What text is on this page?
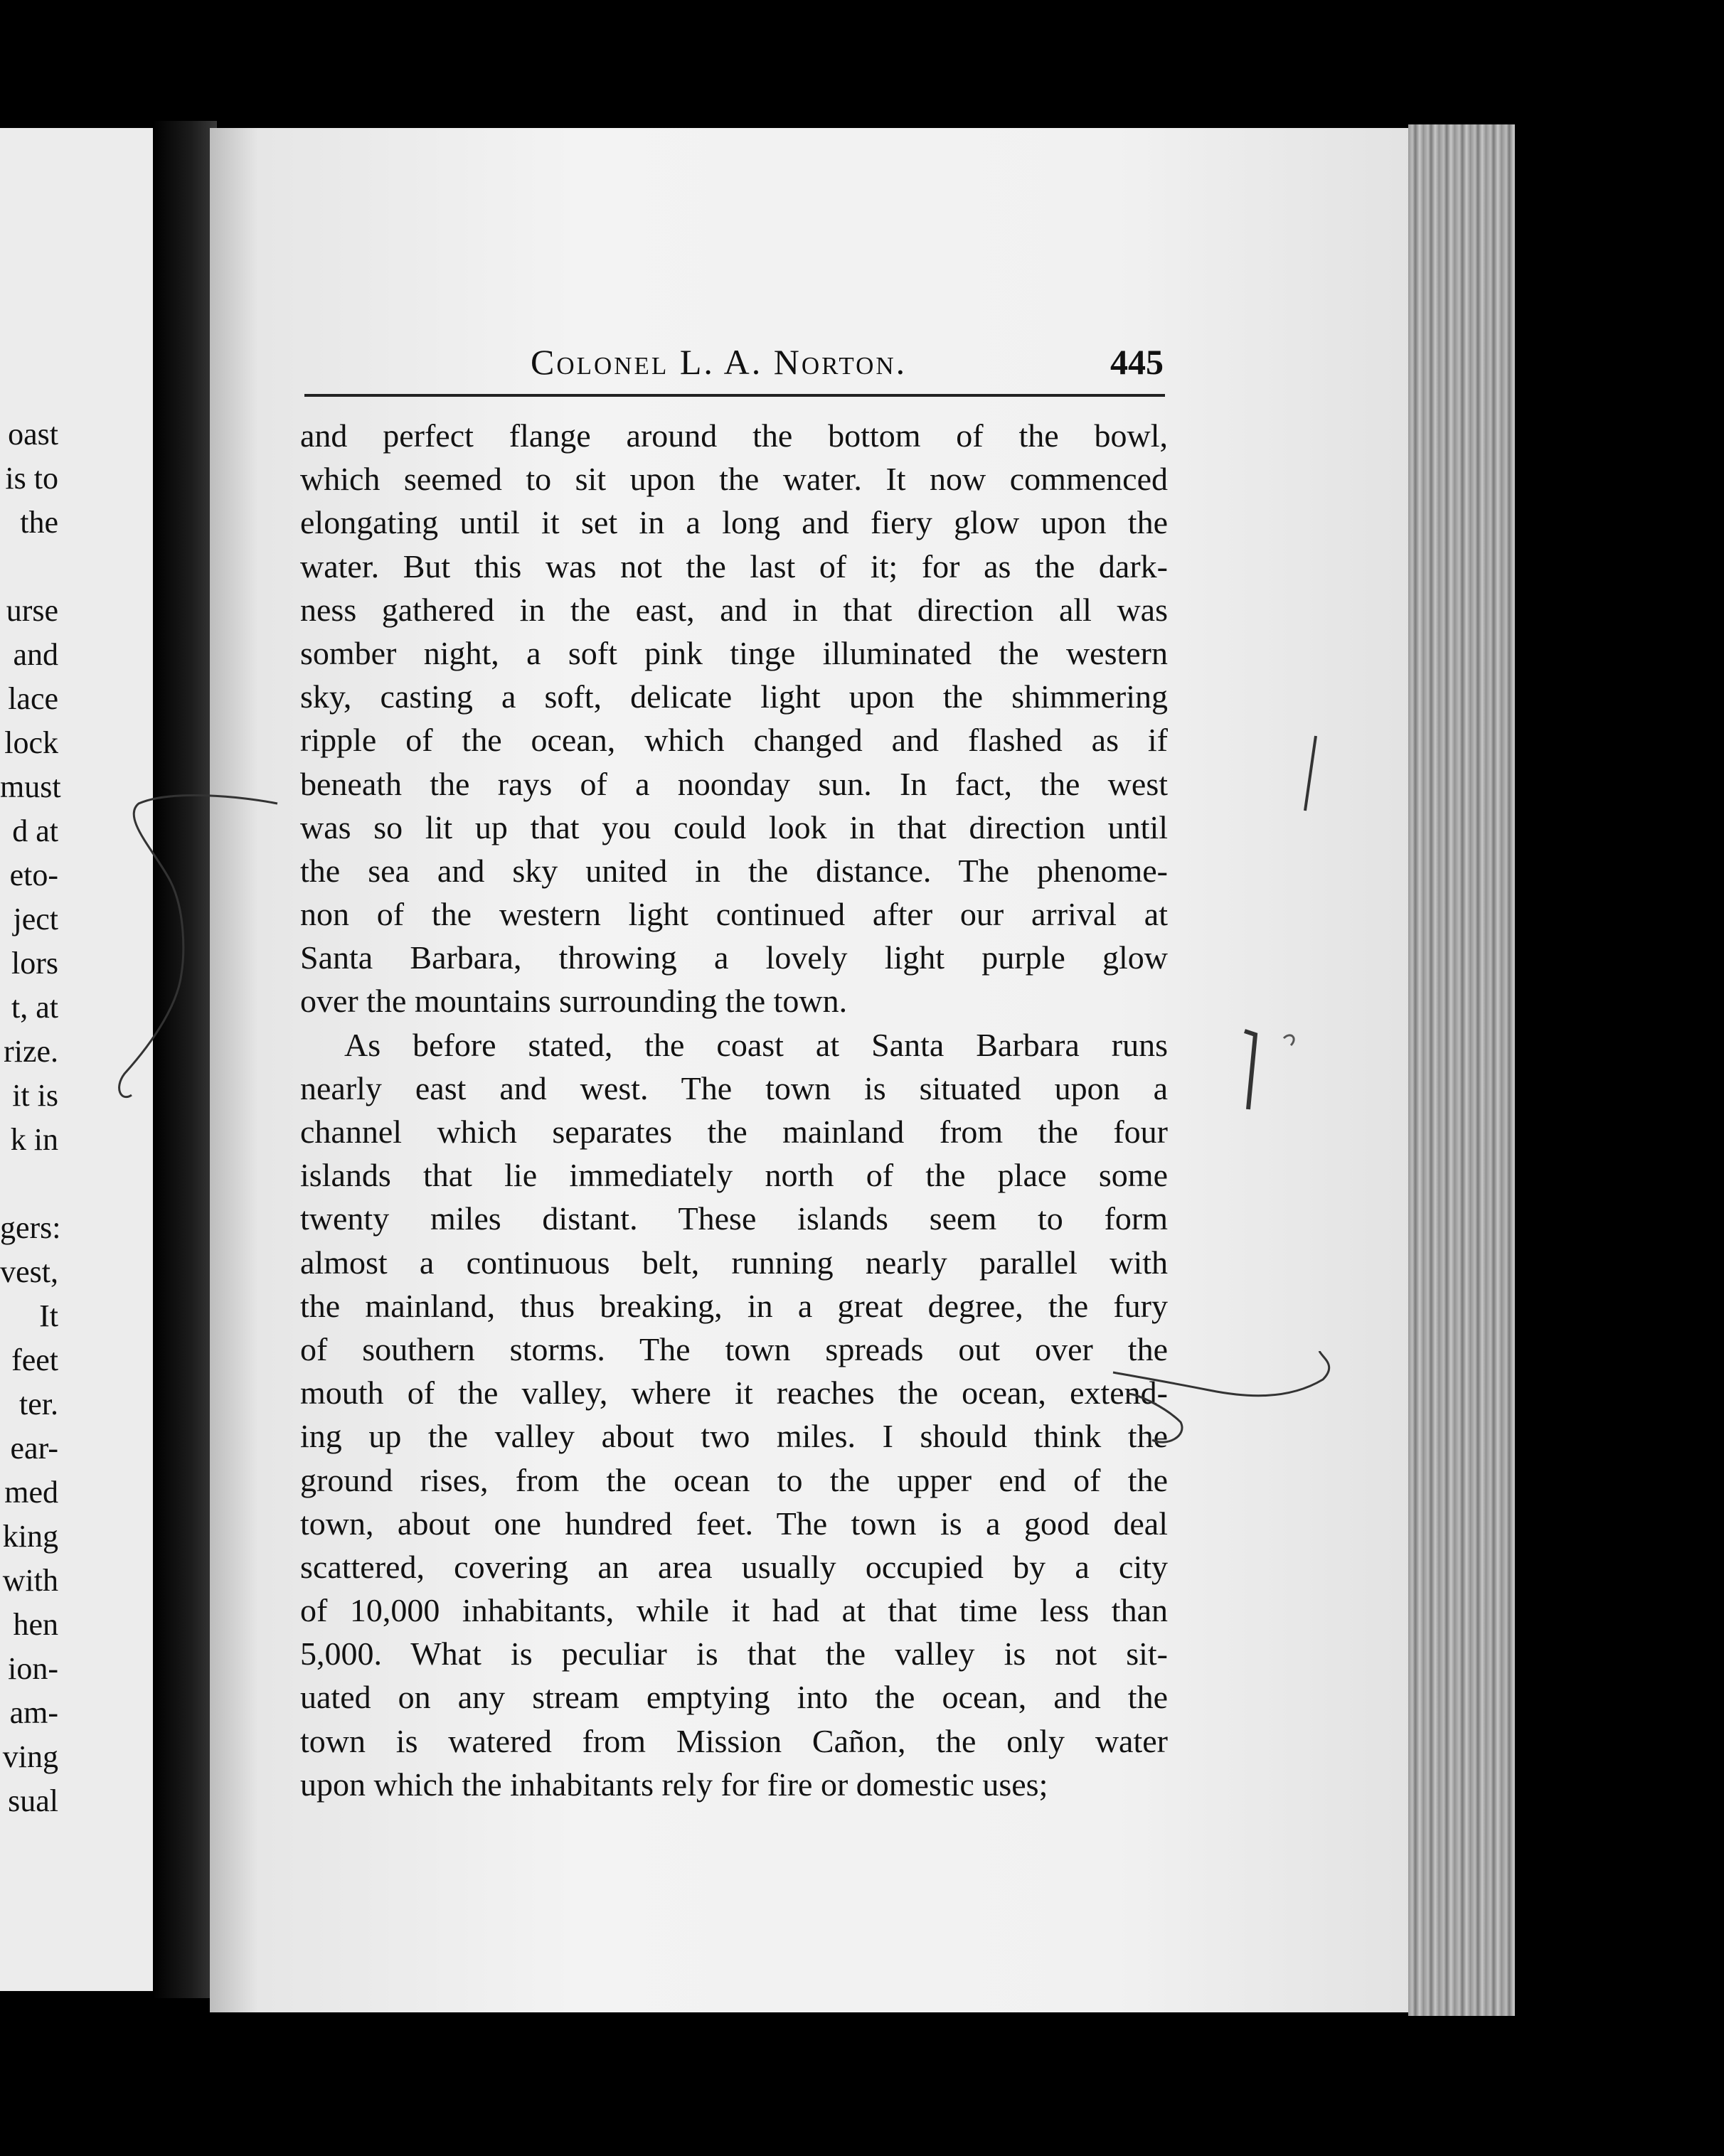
oast
is to
the
urse
and
lace
lock
must
d at
eto-
ject
lors
t, at
rize.
it is
k in
gers:
vest,
It
feet
ter.
ear-
med
king
with
hen
ion-
am-
ving
sual
Colonel L. A. Norton.	445
and perfect flange around the bottom of the bowl,
which seemed to sit upon the water. It now commenced
elongating until it set in a long and fiery glow upon the
water. But this was not the last of it; for as the dark-
ness gathered in the east, and in that direction all was
somber night, a soft pink tinge illuminated the western
sky, casting a soft, delicate light upon the shimmering
ripple of the ocean, which changed and flashed as if
beneath the rays of a noonday sun. In fact, the west
was so lit up that you could look in that direction until
the sea and sky united in the distance. The phenome-
non of the western light continued after our arrival at
Santa Barbara, throwing a lovely light purple glow
over the mountains surrounding the town.
As before stated, the coast at Santa Barbara runs
nearly east and west. The town is situated upon a
channel which separates the mainland from the four
islands that lie immediately north of the place some
twenty miles distant. These islands seem to form
almost a continuous belt, running nearly parallel with
the mainland, thus breaking, in a great degree, the fury
of southern storms. The town spreads out over the
mouth of the valley, where it reaches the ocean, extend-
ing up the valley about two miles. I should think the
ground rises, from the ocean to the upper end of the
town, about one hundred feet. The town is a good deal
scattered, covering an area usually occupied by a city
of 10,000 inhabitants, while it had at that time less than
5,000. What is peculiar is that the valley is not sit-
uated on any stream emptying into the ocean, and the
town is watered from Mission Cañon, the only water
upon which the inhabitants rely for fire or domestic uses;
